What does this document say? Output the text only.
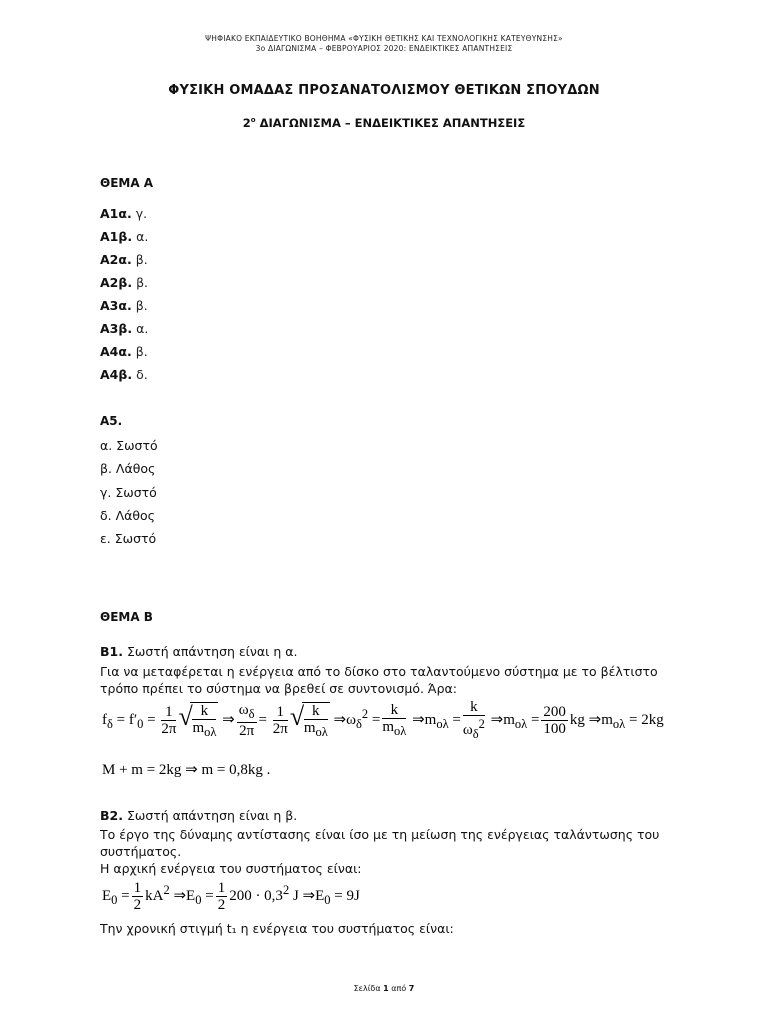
ΨΗΦΙΑΚΟ ΕΚΠΑΙΔΕΥΤΙΚΟ ΒΟΗΘΗΜΑ «ΦΥΣΙΚΗ ΘΕΤΙΚΗΣ ΚΑΙ ΤΕΧΝΟΛΟΓΙΚΗΣ ΚΑΤΕΥΘΥΝΣΗΣ»
3ο ΔΙΑΓΩΝΙΣΜΑ – ΦΕΒΡΟΥΑΡΙΟΣ 2020: ΕΝΔΕΙΚΤΙΚΕΣ ΑΠΑΝΤΗΣΕΙΣ
ΦΥΣΙΚΗ ΟΜΑΔΑΣ ΠΡΟΣΑΝΑΤΟΛΙΣΜΟΥ ΘΕΤΙΚΩΝ ΣΠΟΥΔΩΝ
$2^o$ ΔΙΑΓΩΝΙΣΜΑ – ΕΝΔΕΙΚΤΙΚΕΣ ΑΠΑΝΤΗΣΕΙΣ
ΘΕΜΑ Α
Α1α. γ.
Α1β. α.
Α2α. β.
Α2β. β.
Α3α. β.
Α3β. α.
Α4α. β.
Α4β. δ.
Α5.
α. Σωστό
β. Λάθος
γ. Σωστό
δ. Λάθος
ε. Σωστό
ΘΕΜΑ Β
Β1. Σωστή απάντηση είναι η α.
Για να μεταφέρεται η ενέργεια από το δίσκο στο ταλαντούμενο σύστημα με το βέλτιστο
τρόπο πρέπει το σύστημα να βρεθεί σε συντονισμό. Άρα:
$f_\delta = f'_0 = \frac{1}{2\pi}$ √ $\frac{k}{m_{o\lambda}}$ ⇒ $\frac{\omega_\delta}{2\pi} = \frac{1}{2\pi}$ √ $\frac{k}{m_{o\lambda}}$ $\Rightarrow\omega_\delta^2 = \frac{k}{m_{o\lambda}}$ $\Rightarrow m_{o\lambda} = \frac{k}{\omega_\delta^2}$ $\Rightarrow m_{o\lambda} = \frac{200}{100}$ kg $\Rightarrow m_{o\lambda} = 2kg$
M + m = 2kg ⇒ m = 0,8kg .
Β2. Σωστή απάντηση είναι η β.
Το έργο της δύναμης αντίστασης είναι ίσο με τη μείωση της ενέργειας ταλάντωσης του
συστήματος.
Η αρχική ενέργεια του συστήματος είναι:
$E_0 = \frac{1}{2} kA^2$ $\Rightarrow E_0 = \frac{1}{2} 200 \cdot 0,3^2$ J $\Rightarrow E_0 = 9J$
Την χρονική στιγμή t₁ η ενέργεια του συστήματος είναι:
Σελίδα 1 από 7
